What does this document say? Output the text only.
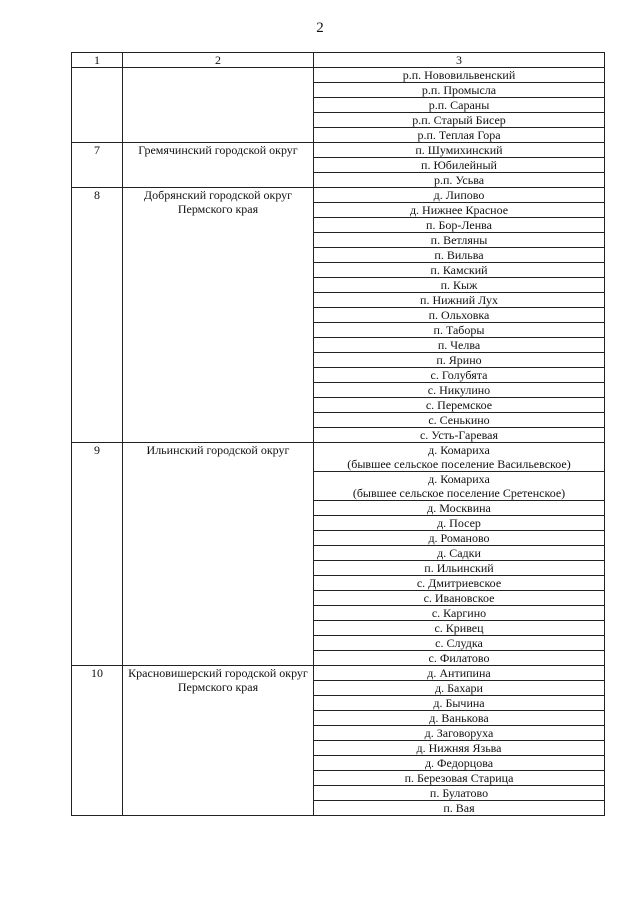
2
1	2	3
		р.п. Нововильвенский
		р.п. Промысла
		р.п. Сараны
		р.п. Старый Бисер
		р.п. Теплая Гора
7	Гремячинский городской округ	п. Шумихинский
		п. Юбилейный
		р.п. Усьва
8	Добрянский городской округ Пермского края	д. Липово
		д. Нижнее Красное
		п. Бор-Ленва
		п. Ветляны
		п. Вильва
		п. Камский
		п. Кыж
		п. Нижний Лух
		п. Ольховка
		п. Таборы
		п. Челва
		п. Ярино
		с. Голубята
		с. Никулино
		с. Перемское
		с. Сенькино
		с. Усть-Гаревая
9	Ильинский городской округ	д. Комариха
(бывшее сельское поселение Васильевское)
		д. Комариха
(бывшее сельское поселение Сретенское)
		д. Москвина
		д. Посер
		д. Романово
		д. Садки
		п. Ильинский
		с. Дмитриевское
		с. Ивановское
		с. Каргино
		с. Кривец
		с. Слудка
		с. Филатово
10	Красновишерский городской округ Пермского края	д. Антипина
		д. Бахари
		д. Бычина
		д. Ванькова
		д. Заговоруха
		д. Нижняя Язьва
		д. Федорцова
		п. Березовая Старица
		п. Булатово
		п. Вая
